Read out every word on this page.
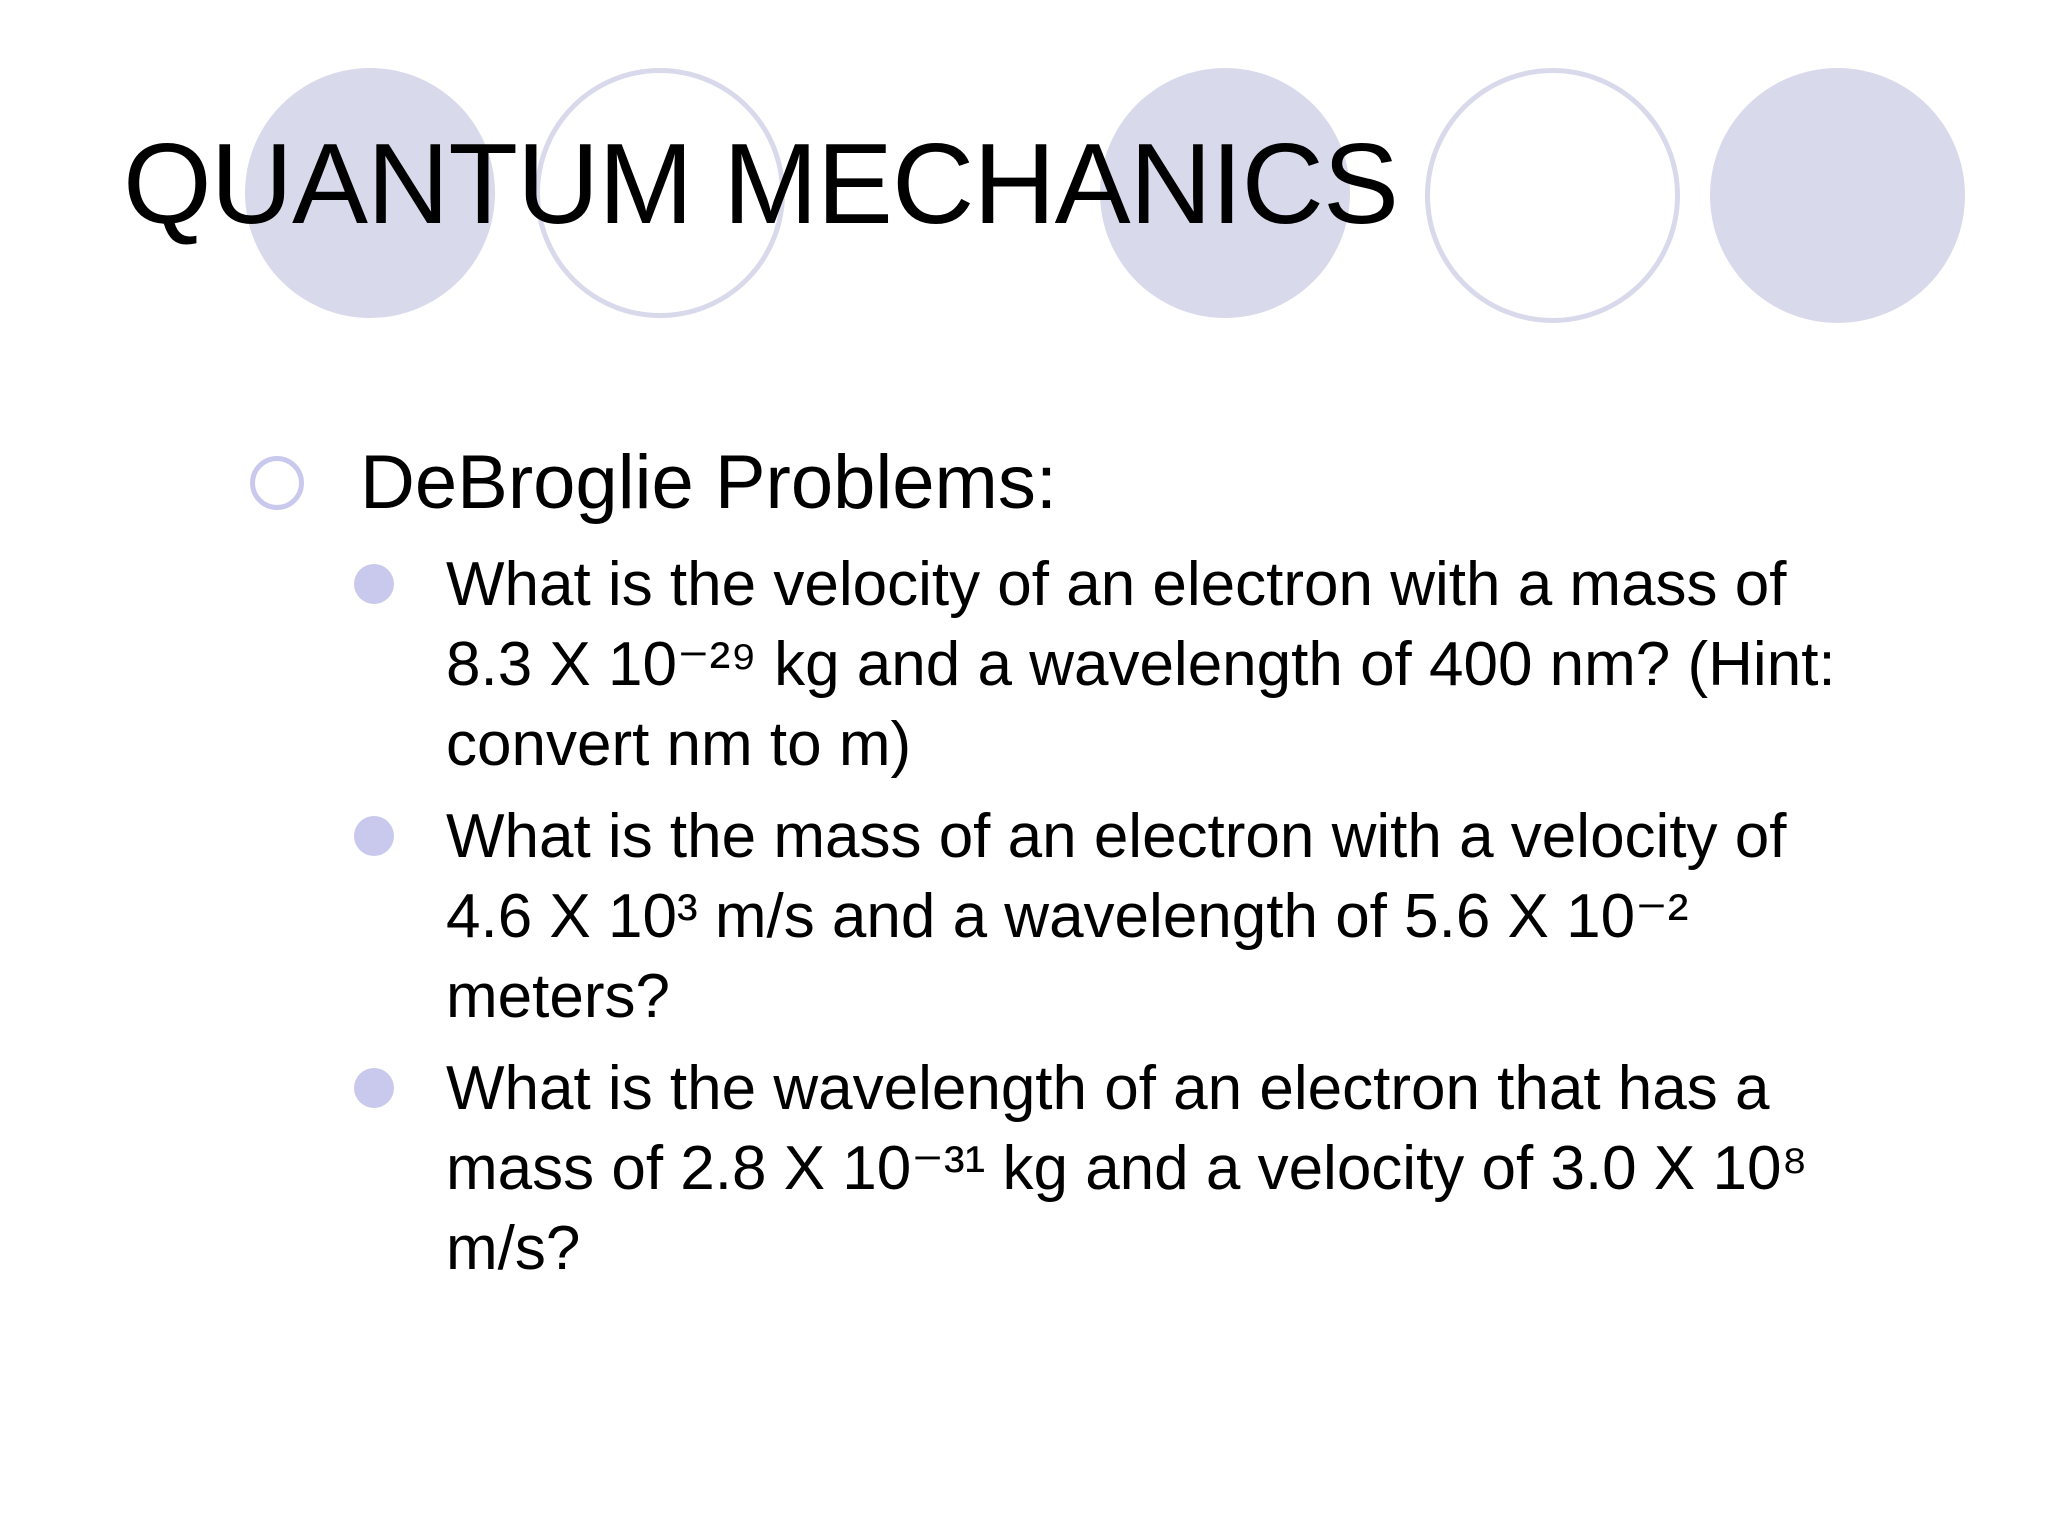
QUANTUM MECHANICS
DeBroglie Problems:
What is the velocity of an electron with a mass of
8.3 X 10⁻²⁹ kg and a wavelength of 400 nm? (Hint:
convert nm to m)
What is the mass of an electron with a velocity of
4.6 X 10³ m/s and a wavelength of 5.6 X 10⁻²
meters?
What is the wavelength of an electron that has a
mass of 2.8 X 10⁻³¹ kg and a velocity of 3.0 X 10⁸
m/s?
